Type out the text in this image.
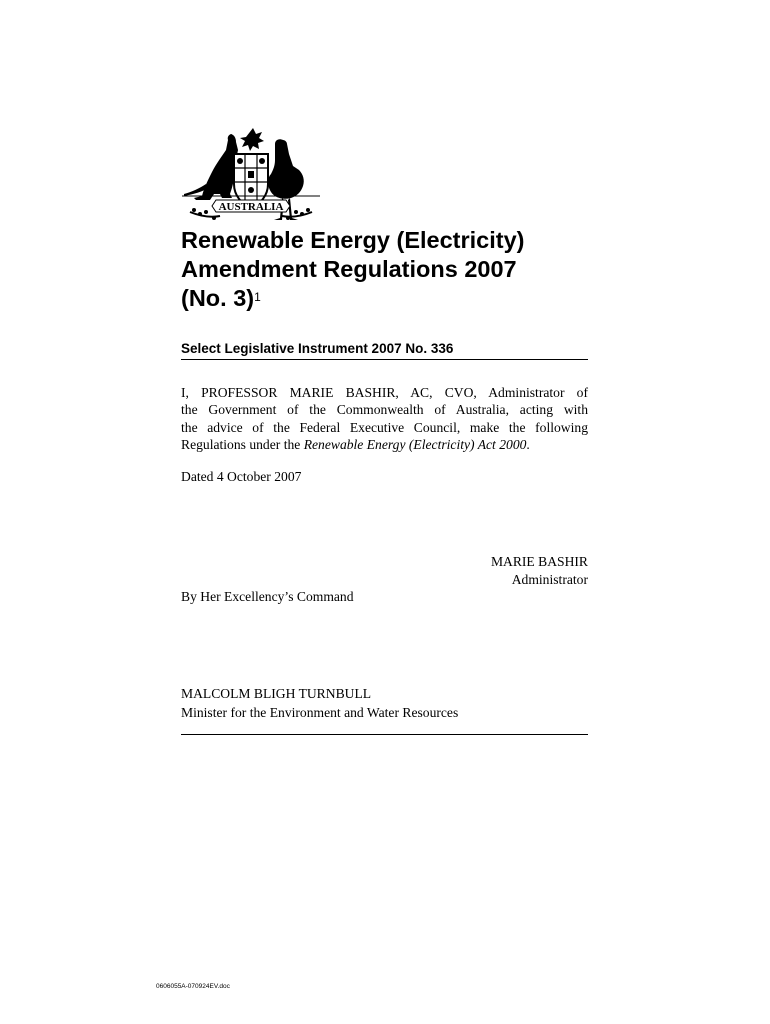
AUSTRALIA
Renewable Energy (Electricity)
Amendment Regulations 2007
(No. 3)$^1$
Select Legislative Instrument 2007 No. 336

I, PROFESSOR MARIE BASHIR, AC, CVO, Administrator of
the Government of the Commonwealth of Australia, acting with
the advice of the Federal Executive Council, make the following
Regulations under the Renewable Energy (Electricity) Act 2000.

Dated 4 October 2007
MARIE BASHIR
Administrator
By Her Excellency’s Command
MALCOLM BLIGH TURNBULL
Minister for the Environment and Water Resources
0606055A-070924EV.doc
